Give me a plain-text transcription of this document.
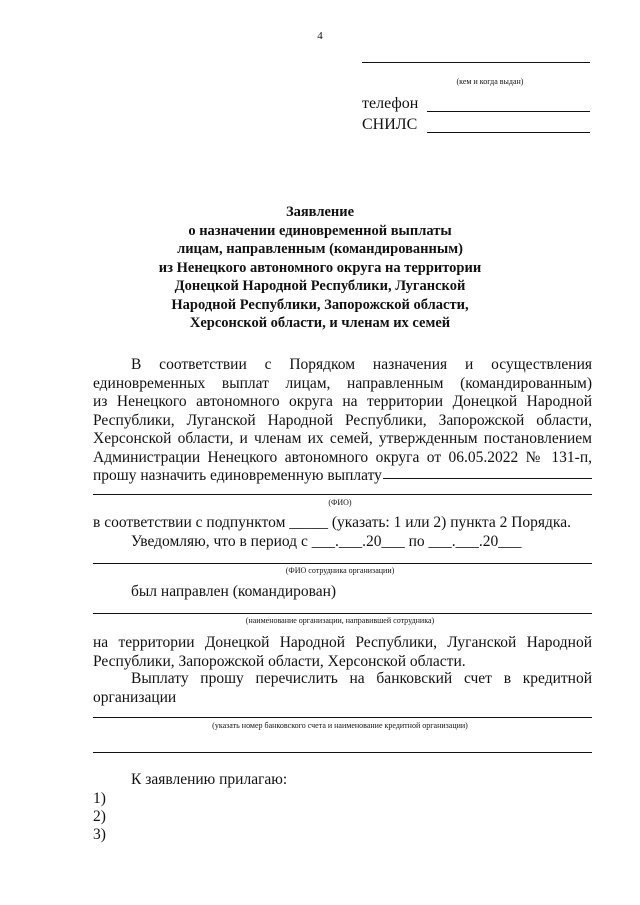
4
(кем и когда выдан)
телефон
СНИЛС
Заявление
о назначении единовременной выплаты
лицам, направленным (командированным)
из Ненецкого автономного округа на территории
Донецкой Народной Республики, Луганской
Народной Республики, Запорожской области,
Херсонской области, и членам их семей
В соответствии с Порядком назначения и осуществления
единовременных выплат лицам, направленным (командированным)
из Ненецкого автономного округа на территории Донецкой Народной
Республики, Луганской Народной Республики, Запорожской области,
Херсонской области, и членам их семей, утвержденным постановлением
Администрации Ненецкого автономного округа от 06.05.2022 № 131-п,
прошу назначить единовременную выплату
(ФИО)
в соответствии с подпунктом _____ (указать: 1 или 2) пункта 2 Порядка.
Уведомляю, что в период с ___.___.20___ по ___.___.20___
(ФИО сотрудника организации)
был направлен (командирован)
(наименование организации, направившей сотрудника)
на территории Донецкой Народной Республики, Луганской Народной
Республики, Запорожской области, Херсонской области.
Выплату прошу перечислить на банковский счет в кредитной
организации
(указать номер банковского счета и наименование кредитной организации)
К заявлению прилагаю:
1)
2)
3)
